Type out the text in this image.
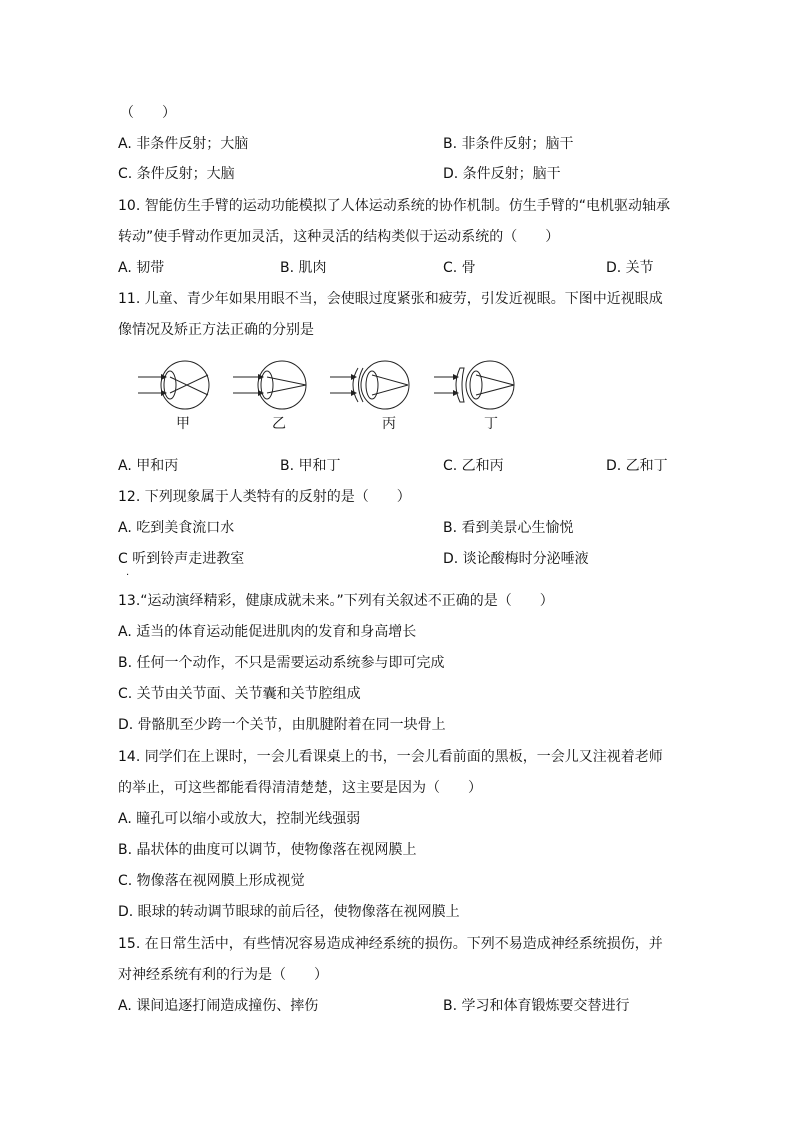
（　　）
A. 非条件反射；大脑	B. 非条件反射；脑干
C. 条件反射；大脑	D. 条件反射；脑干
10. 智能仿生手臂的运动功能模拟了人体运动系统的协作机制。仿生手臂的“电机驱动轴承
转动”使手臂动作更加灵活，这种灵活的结构类似于运动系统的（　　）
A. 韧带	B. 肌肉	C. 骨	D. 关节
11. 儿童、青少年如果用眼不当，会使眼过度紧张和疲劳，引发近视眼。下图中近视眼成
像情况及矫正方法正确的分别是
甲	乙	丙	丁
A. 甲和丙	B. 甲和丁	C. 乙和丙	D. 乙和丁
12. 下列现象属于人类特有的反射的是（　　）
A. 吃到美食流口水	B. 看到美景心生愉悦
C 听到铃声走进教室	D. 谈论酸梅时分泌唾液
.
13.“运动演绎精彩，健康成就未来。”下列有关叙述不正确的是（　　）
A. 适当的体育运动能促进肌肉的发育和身高增长
B. 任何一个动作，不只是需要运动系统参与即可完成
C. 关节由关节面、关节囊和关节腔组成
D. 骨骼肌至少跨一个关节，由肌腱附着在同一块骨上
14. 同学们在上课时，一会儿看课桌上的书，一会儿看前面的黑板，一会儿又注视着老师
的举止，可这些都能看得清清楚楚，这主要是因为（　　）
A. 瞳孔可以缩小或放大，控制光线强弱
B. 晶状体的曲度可以调节，使物像落在视网膜上
C. 物像落在视网膜上形成视觉
D. 眼球的转动调节眼球的前后径，使物像落在视网膜上
15. 在日常生活中，有些情况容易造成神经系统的损伤。下列不易造成神经系统损伤，并
对神经系统有利的行为是（　　）
A. 课间追逐打闹造成撞伤、摔伤	B. 学习和体育锻炼要交替进行
